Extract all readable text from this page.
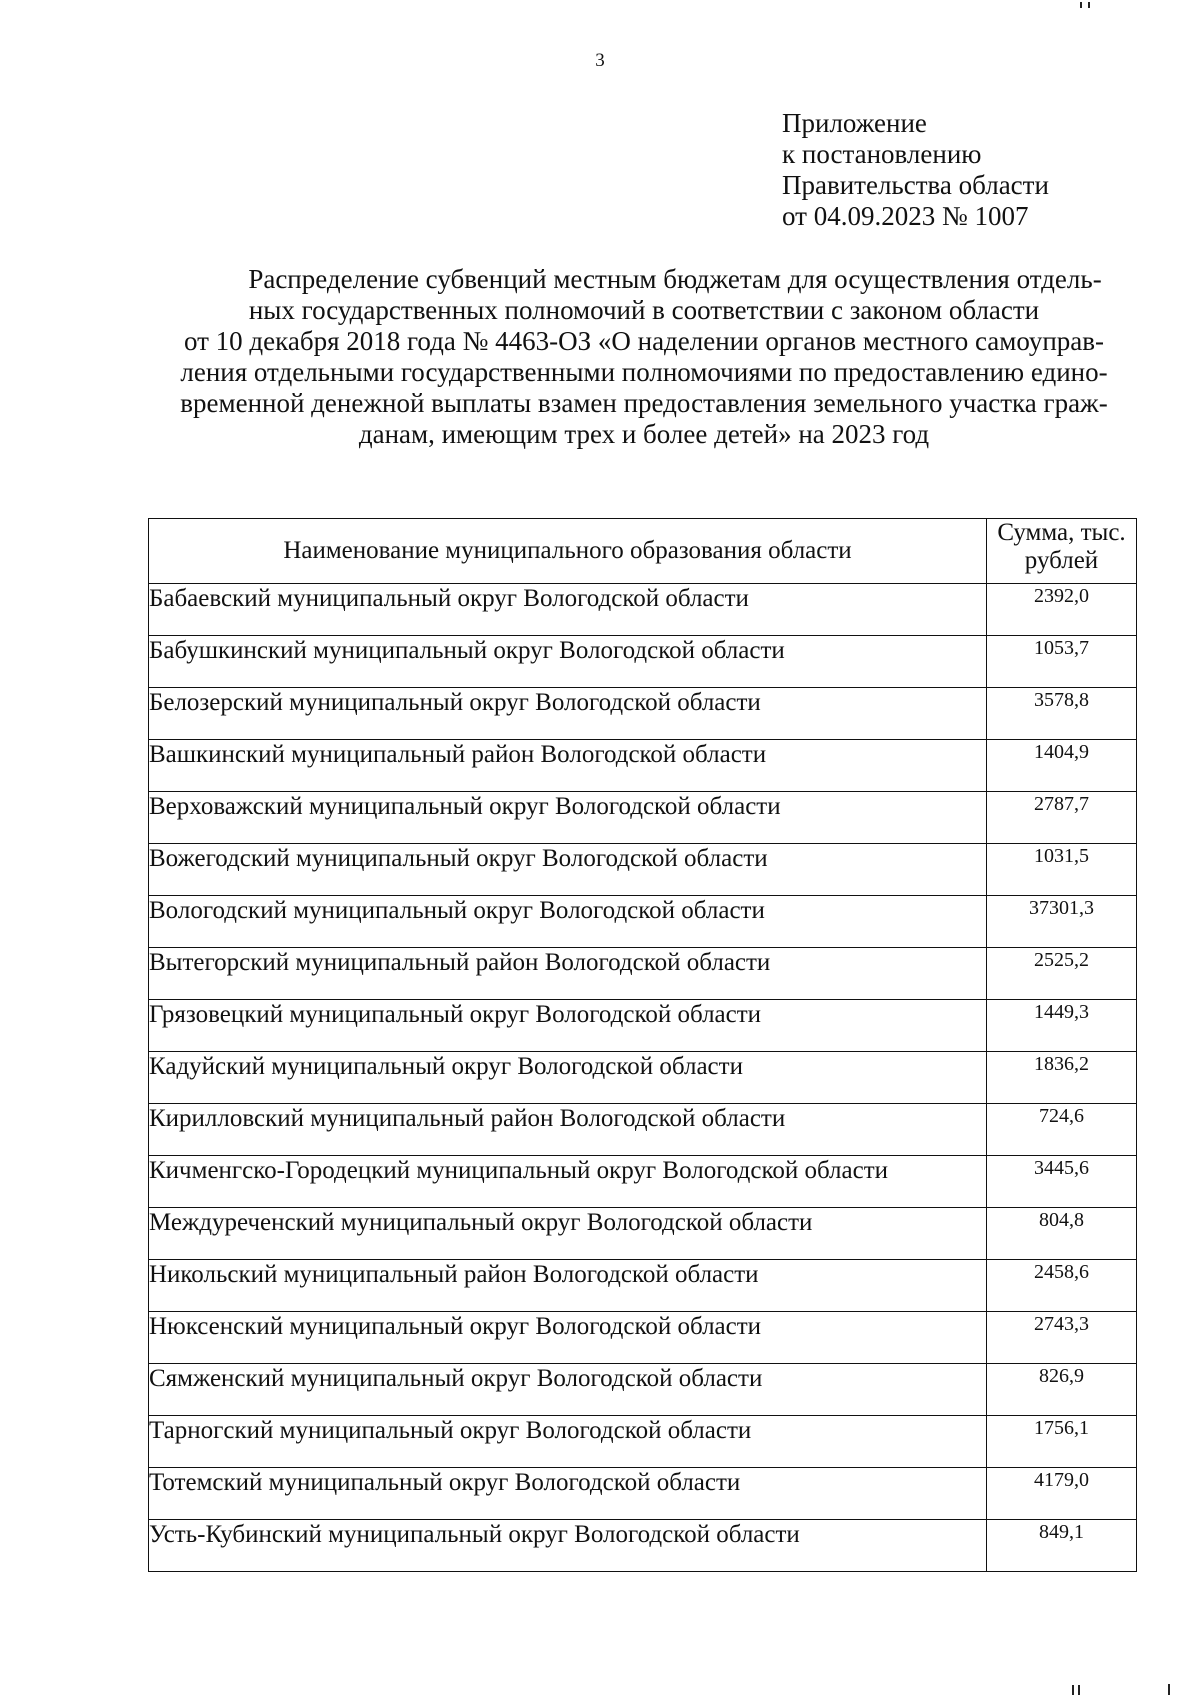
3
Приложение
к постановлению
Правительства области
от 04.09.2023 № 1007
Распределение субвенций местным бюджетам для осуществления отдель-
ных государственных полномочий в соответствии с законом области
от 10 декабря 2018 года № 4463-ОЗ «О наделении органов местного самоуправ-
ления отдельными государственными полномочиями по предоставлению едино-
временной денежной выплаты взамен предоставления земельного участка граж-
данам, имеющим трех и более детей» на 2023 год
Наименование муниципального образования области	Сумма, тыс.
рублей

Бабаевский муниципальный округ Вологодской области	2392,0
Бабушкинский муниципальный округ Вологодской области	1053,7
Белозерский муниципальный округ Вологодской области	3578,8
Вашкинский муниципальный район Вологодской области	1404,9
Верховажский муниципальный округ Вологодской области	2787,7
Вожегодский муниципальный округ Вологодской области	1031,5
Вологодский муниципальный округ Вологодской области	37301,3
Вытегорский муниципальный район Вологодской области	2525,2
Грязовецкий муниципальный округ Вологодской области	1449,3
Кадуйский муниципальный округ Вологодской области	1836,2
Кирилловский муниципальный район Вологодской области	724,6
Кичменгско-Городецкий муниципальный округ Вологодской области	3445,6
Междуреченский муниципальный округ Вологодской области	804,8
Никольский муниципальный район Вологодской области	2458,6
Нюксенский муниципальный округ Вологодской области	2743,3
Сямженский муниципальный округ Вологодской области	826,9
Тарногский муниципальный округ Вологодской области	1756,1
Тотемский муниципальный округ Вологодской области	4179,0
Усть-Кубинский муниципальный округ Вологодской области	849,1
